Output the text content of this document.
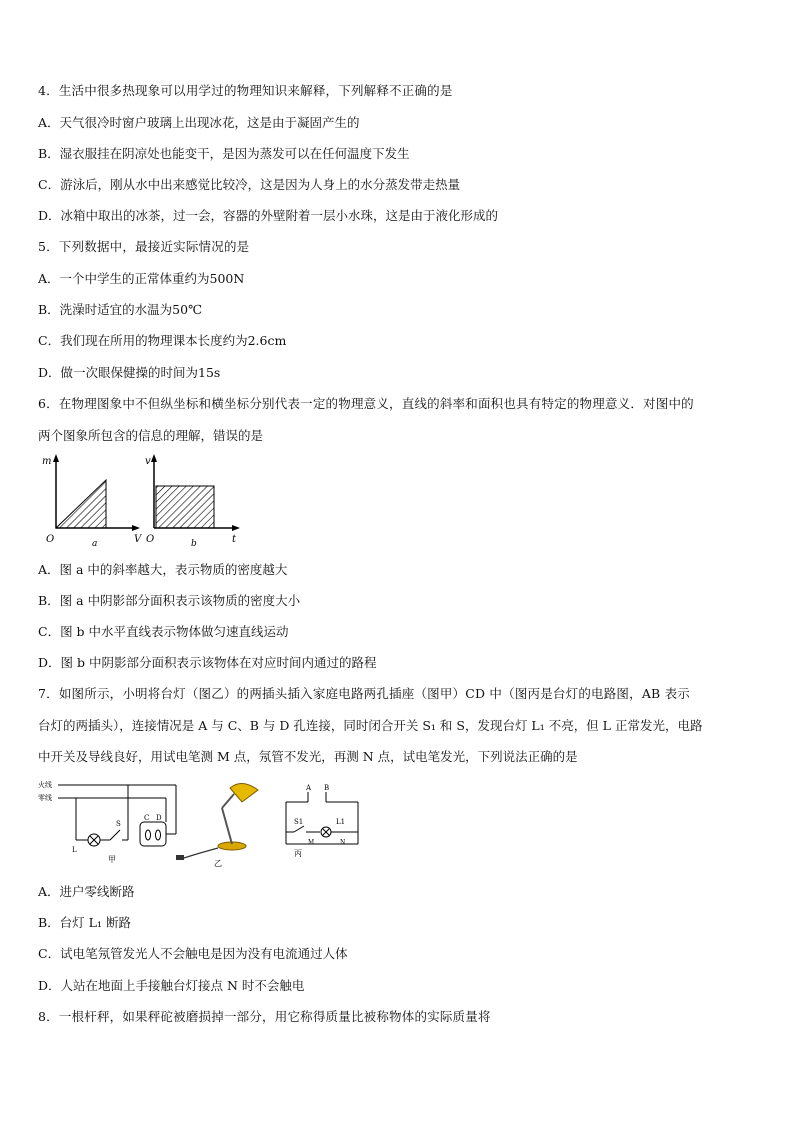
4．生活中很多热现象可以用学过的物理知识来解释，下列解释不正确的是
A．天气很冷时窗户玻璃上出现冰花，这是由于凝固产生的
B．湿衣服挂在阴凉处也能变干，是因为蒸发可以在任何温度下发生
C．游泳后，刚从水中出来感觉比较冷，这是因为人身上的水分蒸发带走热量
D．冰箱中取出的冰茶，过一会，容器的外壁附着一层小水珠，这是由于液化形成的
5．下列数据中，最接近实际情况的是
A．一个中学生的正常体重约为500N
B．洗澡时适宜的水温为50℃
C．我们现在所用的物理课本长度约为2.6cm
D．做一次眼保健操的时间为15s
6．在物理图象中不但纵坐标和横坐标分别代表一定的物理意义，直线的斜率和面积也具有特定的物理意义．对图中的
两个图象所包含的信息的理解，错误的是
m
O	V
a
v
O	t
b
A．图 a 中的斜率越大，表示物质的密度越大
B．图 a 中阴影部分面积表示该物质的密度大小
C．图 b 中水平直线表示物体做匀速直线运动
D．图 b 中阴影部分面积表示该物体在对应时间内通过的路程
7．如图所示，小明将台灯（图乙）的两插头插入家庭电路两孔插座（图甲）CD 中（图丙是台灯的电路图，AB 表示
台灯的两插头），连接情况是 A 与 C、B 与 D 孔连接，同时闭合开关 S₁ 和 S，发现台灯 L₁ 不亮，但 L 正常发光，电路
中开关及导线良好，用试电笔测 M 点，氖管不发光，再测 N 点，试电笔发光，下列说法正确的是
火线
零线
S
L
C D
甲	乙
A B
S1	L1
M	N
丙
A．进户零线断路
B．台灯 L₁ 断路
C．试电笔氖管发光人不会触电是因为没有电流通过人体
D．人站在地面上手接触台灯接点 N 时不会触电
8．一根杆秤，如果秤砣被磨损掉一部分，用它称得质量比被称物体的实际质量将
